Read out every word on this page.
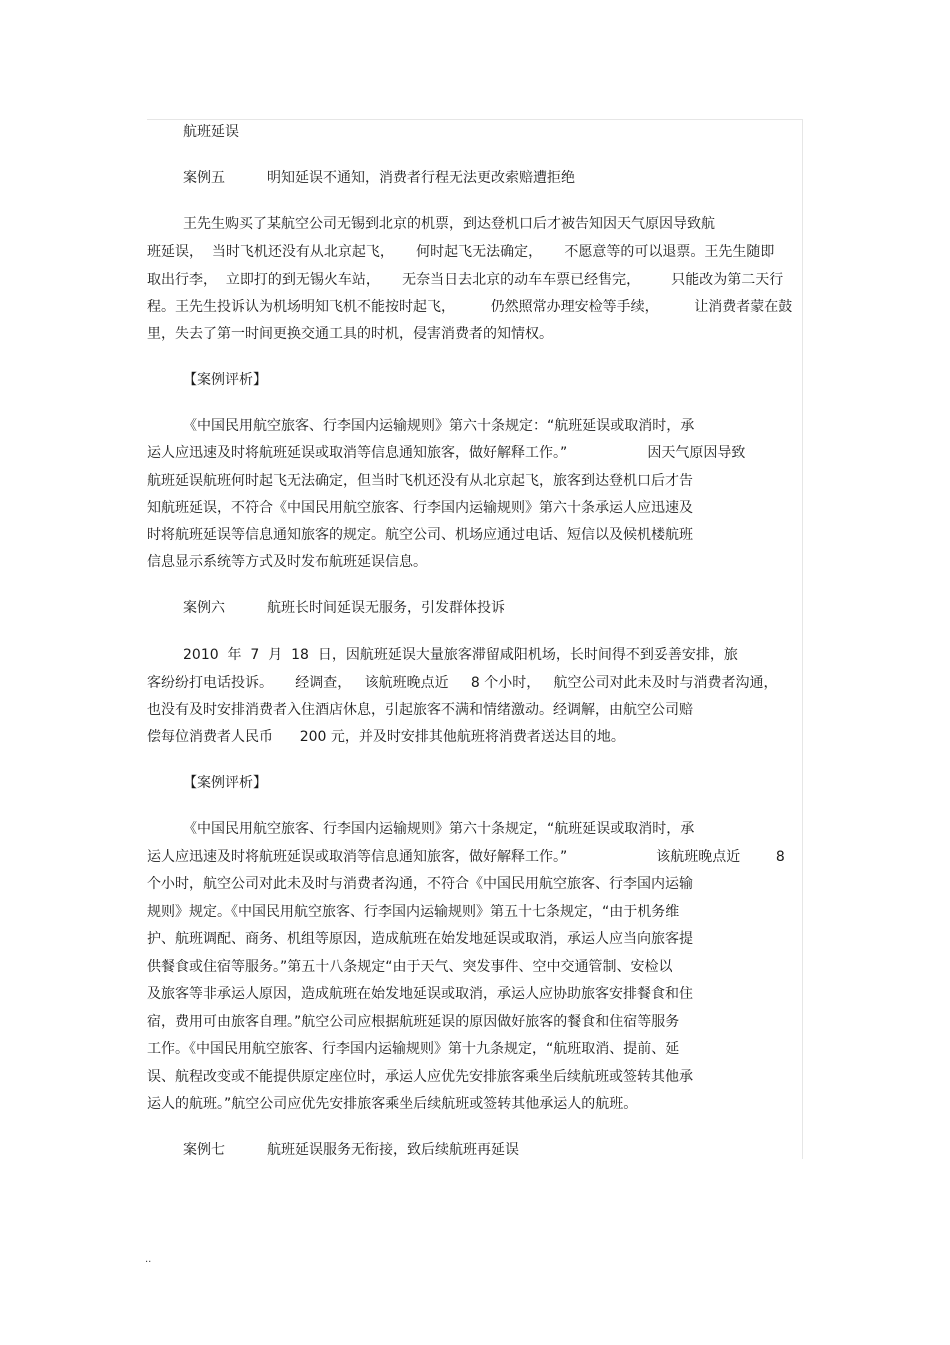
航班延误
案例五　　　明知延误不通知，消费者行程无法更改索赔遭拒绝
王先生购买了某航空公司无锡到北京的机票，到达登机口后才被告知因天气原因导致航
班延误，  当时飞机还没有从北京起飞，     何时起飞无法确定，     不愿意等的可以退票。王先生随即
取出行李，  立即打的到无锡火车站，     无奈当日去北京的动车车票已经售完，       只能改为第二天行
程。王先生投诉认为机场明知飞机不能按时起飞，        仍然照常办理安检等手续，        让消费者蒙在鼓
里，失去了第一时间更换交通工具的时机，侵害消费者的知情权。
【案例评析】
《中国民用航空旅客、行李国内运输规则》第六十条规定：“航班延误或取消时，承
运人应迅速及时将航班延误或取消等信息通知旅客，做好解释工作。”                  因天气原因导致
航班延误航班何时起飞无法确定，但当时飞机还没有从北京起飞，旅客到达登机口后才告
知航班延误，不符合《中国民用航空旅客、行李国内运输规则》第六十条承运人应迅速及
时将航班延误等信息通知旅客的规定。航空公司、机场应通过电话、短信以及候机楼航班
信息显示系统等方式及时发布航班延误信息。
案例六　　　航班长时间延误无服务，引发群体投诉
2010  年  7  月  18  日，因航班延误大量旅客滞留咸阳机场，长时间得不到妥善安排，旅
客纷纷打电话投诉。     经调查，   该航班晚点近     8 个小时，   航空公司对此未及时与消费者沟通，
也没有及时安排消费者入住酒店休息，引起旅客不满和情绪激动。经调解，由航空公司赔
偿每位消费者人民币      200 元，并及时安排其他航班将消费者送达目的地。
【案例评析】
《中国民用航空旅客、行李国内运输规则》第六十条规定，“航班延误或取消时，承
运人应迅速及时将航班延误或取消等信息通知旅客，做好解释工作。”                    该航班晚点近        8
个小时，航空公司对此未及时与消费者沟通，不符合《中国民用航空旅客、行李国内运输
规则》规定。《中国民用航空旅客、行李国内运输规则》第五十七条规定，“由于机务维
护、航班调配、商务、机组等原因，造成航班在始发地延误或取消，承运人应当向旅客提
供餐食或住宿等服务。”第五十八条规定“由于天气、突发事件、空中交通管制、安检以
及旅客等非承运人原因，造成航班在始发地延误或取消，承运人应协助旅客安排餐食和住
宿，费用可由旅客自理。”航空公司应根据航班延误的原因做好旅客的餐食和住宿等服务
工作。《中国民用航空旅客、行李国内运输规则》第十九条规定，“航班取消、提前、延
误、航程改变或不能提供原定座位时，承运人应优先安排旅客乘坐后续航班或签转其他承
运人的航班。”航空公司应优先安排旅客乘坐后续航班或签转其他承运人的航班。
案例七　　　航班延误服务无衔接，致后续航班再延误
..
